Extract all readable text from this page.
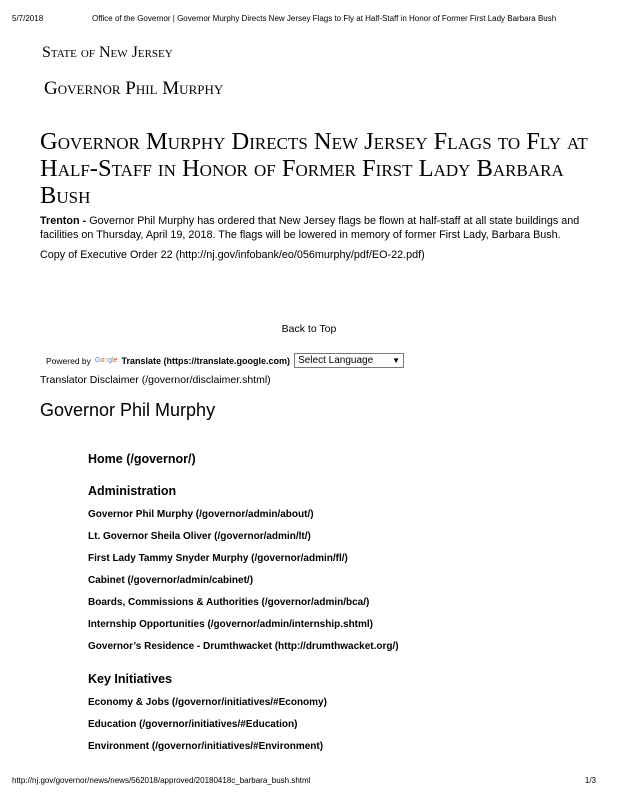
5/7/2018	Office of the Governor | Governor Murphy Directs New Jersey Flags to Fly at Half-Staff in Honor of Former First Lady Barbara Bush
State of New Jersey
Governor Phil Murphy
Governor Murphy Directs New Jersey Flags to Fly at Half-Staff in Honor of Former First Lady Barbara Bush

Trenton - Governor Phil Murphy has ordered that New Jersey flags be flown at half-staff at all state buildings and facilities on Thursday, April 19, 2018. The flags will be lowered in memory of former First Lady, Barbara Bush.

Copy of Executive Order 22 (http://nj.gov/infobank/eo/056murphy/pdf/EO-22.pdf)

Back to Top
Powered by Google Translate (https://translate.google.com) Select Language ▼
Translator Disclaimer (/governor/disclaimer.shtml)
Governor Phil Murphy
Home (/governor/)
Administration
Governor Phil Murphy (/governor/admin/about/)
Lt. Governor Sheila Oliver (/governor/admin/lt/)
First Lady Tammy Snyder Murphy (/governor/admin/fl/)
Cabinet (/governor/admin/cabinet/)
Boards, Commissions & Authorities (/governor/admin/bca/)
Internship Opportunities (/governor/admin/internship.shtml)
Governor’s Residence - Drumthwacket (http://drumthwacket.org/)
Key Initiatives
Economy & Jobs (/governor/initiatives/#Economy)
Education (/governor/initiatives/#Education)
Environment (/governor/initiatives/#Environment)
http://nj.gov/governor/news/news/562018/approved/20180418c_barbara_bush.shtml	1/3
